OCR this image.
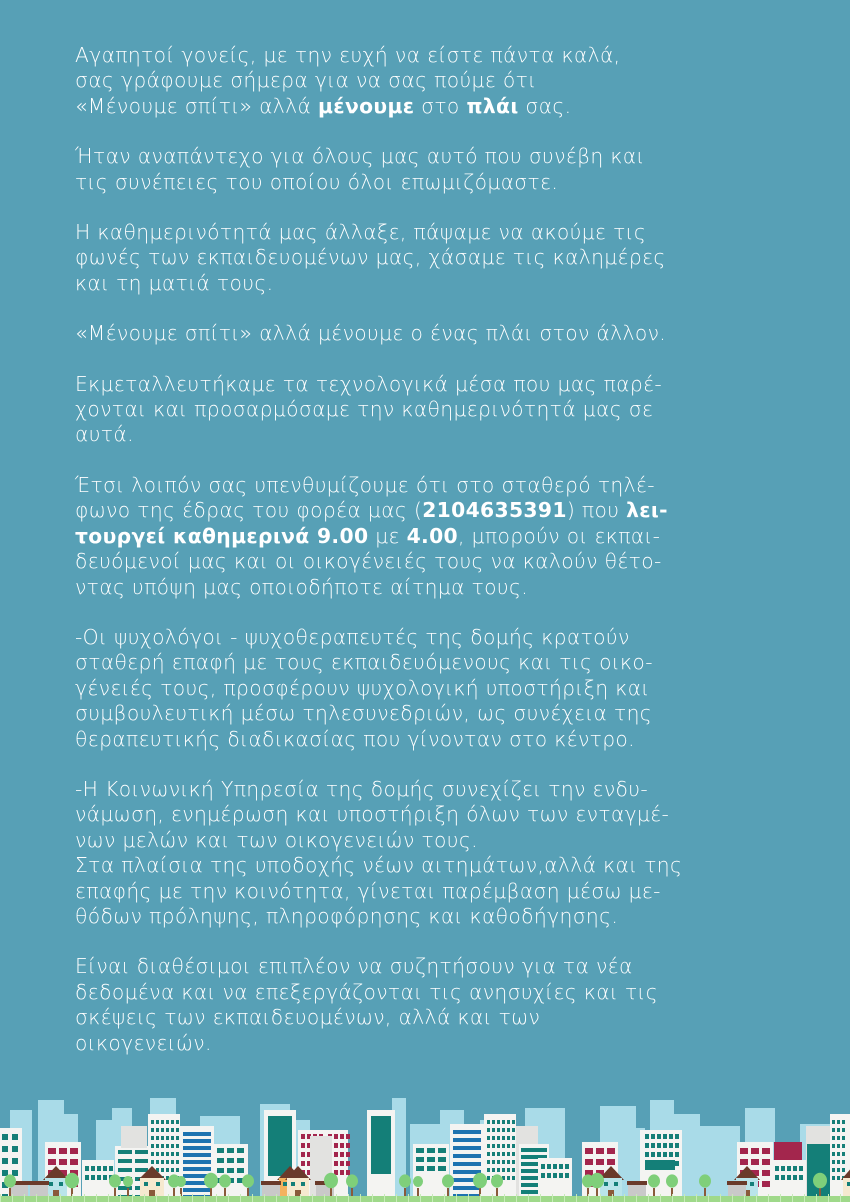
Αγαπητοί γονείς, με την ευχή να είστε πάντα καλά,
σας γράφουμε σήμερα για να σας πούμε ότι
«Μένουμε σπίτι» αλλά μένουμε στο πλάι σας.
Ήταν αναπάντεχο για όλους μας αυτό που συνέβη και
τις συνέπειες του οποίου όλοι επωμιζόμαστε.
Η καθημερινότητά μας άλλαξε, πάψαμε να ακούμε τις
φωνές των εκπαιδευομένων μας, χάσαμε τις καλημέρες
και τη ματιά τους.
«Μένουμε σπίτι» αλλά μένουμε ο ένας πλάι στον άλλον.
Εκμεταλλευτήκαμε τα τεχνολογικά μέσα που μας παρέ-
χονται και προσαρμόσαμε την καθημερινότητά μας σε
αυτά.
Έτσι λοιπόν σας υπενθυμίζουμε ότι στο σταθερό τηλέ-
φωνο της έδρας του φορέα μας (2104635391) που λει-
τουργεί καθημερινά 9.00 με 4.00, μπορούν οι εκπαι-
δευόμενοί μας και οι οικογένειές τους να καλούν θέτο-
ντας υπόψη μας οποιοδήποτε αίτημα τους.
-Οι ψυχολόγοι - ψυχοθεραπευτές της δομής κρατούν
σταθερή επαφή με τους εκπαιδευόμενους και τις οικο-
γένειές τους, προσφέρουν ψυχολογική υποστήριξη και
συμβουλευτική μέσω τηλεσυνεδριών, ως συνέχεια της
θεραπευτικής διαδικασίας που γίνονταν στο κέντρο.
-Η Κοινωνική Υπηρεσία της δομής συνεχίζει την ενδυ-
νάμωση, ενημέρωση και υποστήριξη όλων των ενταγμέ-
νων μελών και των οικογενειών τους.
Στα πλαίσια της υποδοχής νέων αιτημάτων,αλλά και της
επαφής με την κοινότητα, γίνεται παρέμβαση μέσω με-
θόδων πρόληψης, πληροφόρησης και καθοδήγησης.
Είναι διαθέσιμοι επιπλέον να συζητήσουν για τα νέα
δεδομένα και να επεξεργάζονται τις ανησυχίες και τις
σκέψεις των εκπαιδευομένων, αλλά και των
οικογενειών.
